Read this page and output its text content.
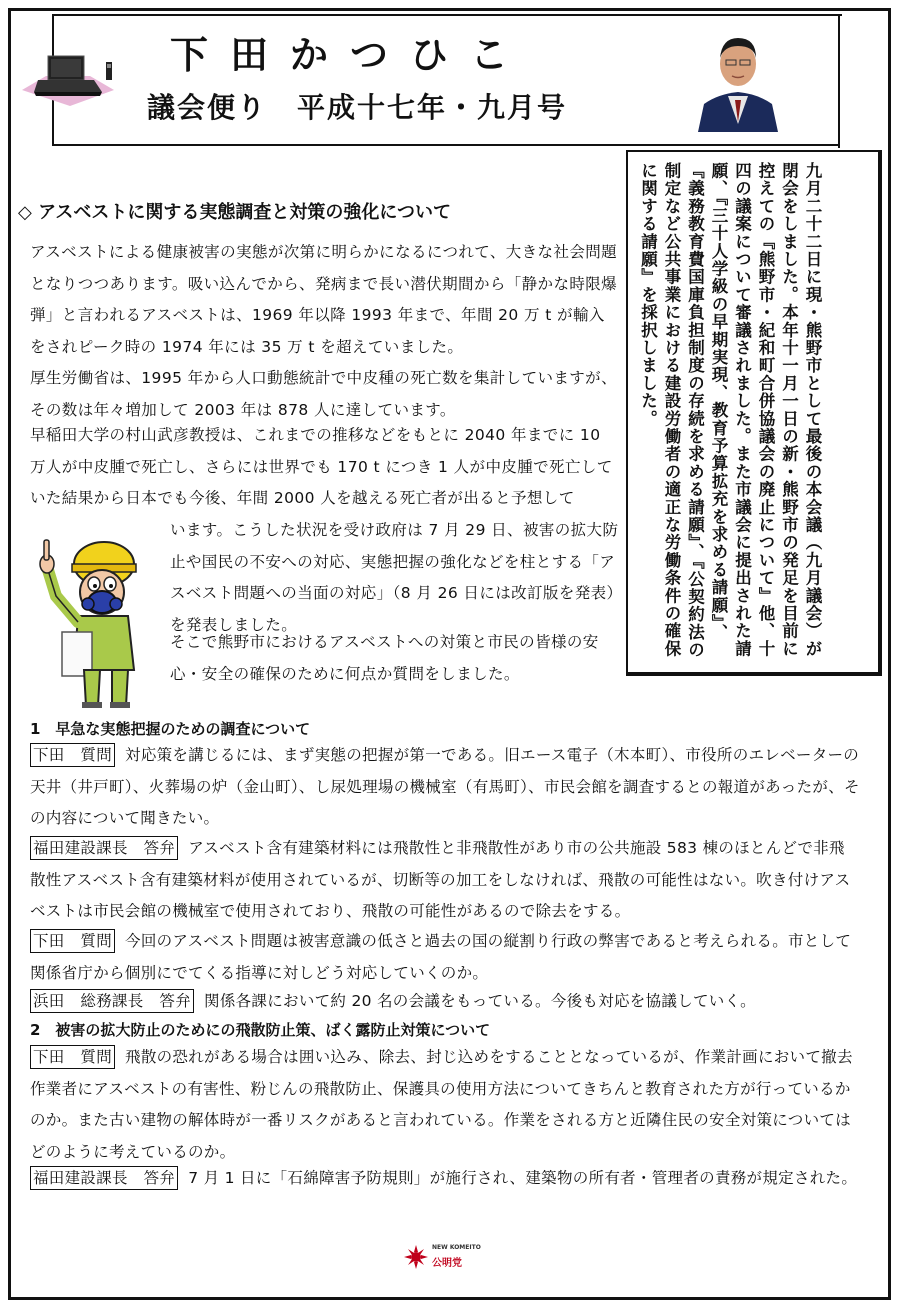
下田かつひこ
議会便り　平成十七年・九月号
九月二十二日に現・熊野市として最後の本会議（九月議会）が閉会をしました。本年十一月一日の新・熊野市の発足を目前に控えての『熊野市・紀和町合併協議会の廃止について』他、十四の議案について審議されました。また市議会に提出された請願、『三十人学級の早期実現、教育予算拡充を求める請願』、『義務教育費国庫負担制度の存続を求める請願』、『公契約法の制定など公共事業における建設労働者の適正な労働条件の確保に関する請願』を採択しました。
◇ アスベストに関する実態調査と対策の強化について
アスベストによる健康被害の実態が次第に明らかになるにつれて、大きな社会問題となりつつあります。吸い込んでから、発病まで長い潜伏期間から「静かな時限爆弾」と言われるアスベストは、1969 年以降 1993 年まで、年間 20 万 t が輸入をされピーク時の 1974 年には 35 万 t を超えていました。
厚生労働省は、1995 年から人口動態統計で中皮種の死亡数を集計していますが、その数は年々増加して 2003 年は 878 人に達しています。
早稲田大学の村山武彦教授は、これまでの推移などをもとに 2040 年までに 10 万人が中皮腫で死亡し、さらには世界でも 170 t につき 1 人が中皮腫で死亡していた結果から日本でも今後、年間 2000 人を越える死亡者が出ると予想して
います。こうした状況を受け政府は 7 月 29 日、被害の拡大防止や国民の不安への対応、実態把握の強化などを柱とする「アスベスト問題への当面の対応」（8 月 26 日には改訂版を発表）を発表しました。
そこで熊野市におけるアスベストへの対策と市民の皆様の安心・安全の確保のために何点か質問をしました。
1　早急な実態把握のための調査について
下田　質問 対応策を講じるには、まず実態の把握が第一である。旧エース電子（木本町）、市役所のエレベーターの天井（井戸町）、火葬場の炉（金山町）、し尿処理場の機械室（有馬町）、市民会館を調査するとの報道があったが、その内容について聞きたい。
福田建設課長　答弁 アスベスト含有建築材料には飛散性と非飛散性があり市の公共施設 583 棟のほとんどで非飛散性アスベスト含有建築材料が使用されているが、切断等の加工をしなければ、飛散の可能性はない。吹き付けアスベストは市民会館の機械室で使用されており、飛散の可能性があるので除去をする。
下田　質問 今回のアスベスト問題は被害意識の低さと過去の国の縦割り行政の弊害であると考えられる。市として関係省庁から個別にでてくる指導に対しどう対応していくのか。
浜田　総務課長　答弁 関係各課において約 20 名の会議をもっている。今後も対応を協議していく。
2　被害の拡大防止のためにの飛散防止策、ばく露防止対策について
下田　質問 飛散の恐れがある場合は囲い込み、除去、封じ込めをすることとなっているが、作業計画において撤去作業者にアスベストの有害性、粉じんの飛散防止、保護具の使用方法についてきちんと教育された方が行っているかのか。また古い建物の解体時が一番リスクがあると言われている。作業をされる方と近隣住民の安全対策についてはどのように考えているのか。
福田建設課長　答弁 7 月 1 日に「石綿障害予防規則」が施行され、建築物の所有者・管理者の責務が規定された。
NEW KOMEITO
公明党
